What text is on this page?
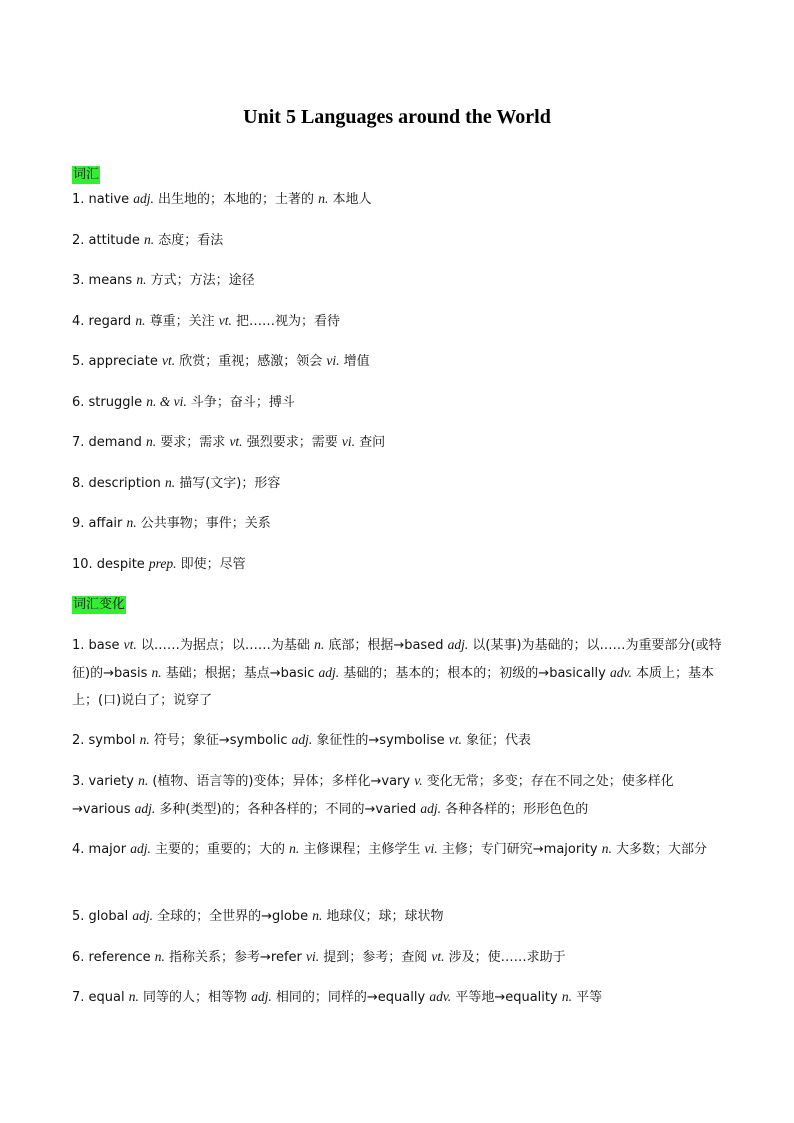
Unit 5 Languages around the World
词汇
1. native adj. 出生地的；本地的；土著的 n. 本地人
2. attitude n. 态度；看法
3. means n. 方式；方法；途径
4. regard n. 尊重；关注 vt. 把……视为；看待
5. appreciate vt. 欣赏；重视；感激；领会 vi. 增值
6. struggle n. & vi. 斗争；奋斗；搏斗
7. demand n. 要求；需求 vt. 强烈要求；需要 vi. 查问
8. description n. 描写(文字)；形容
9. affair n. 公共事物；事件；关系
10. despite prep. 即使；尽管
词汇变化
1. base vt. 以……为据点；以……为基础 n. 底部；根据→based adj. 以(某事)为基础的；以……为重要部分(或特征)的→basis n. 基础；根据；基点→basic adj. 基础的；基本的；根本的；初级的→basically adv. 本质上；基本上；(口)说白了；说穿了
2. symbol n. 符号；象征→symbolic adj. 象征性的→symbolise vt. 象征；代表
3. variety n. (植物、语言等的)变体；异体；多样化→vary v. 变化无常；多变；存在不同之处；使多样化→various adj. 多种(类型)的；各种各样的；不同的→varied adj. 各种各样的；形形色色的
4. major adj. 主要的；重要的；大的 n. 主修课程；主修学生 vi. 主修；专门研究→majority n. 大多数；大部分
5. global adj. 全球的；全世界的→globe n. 地球仪；球；球状物
6. reference n. 指称关系；参考→refer vi. 提到；参考；查阅 vt. 涉及；使……求助于
7. equal n. 同等的人；相等物 adj. 相同的；同样的→equally adv. 平等地→equality n. 平等
